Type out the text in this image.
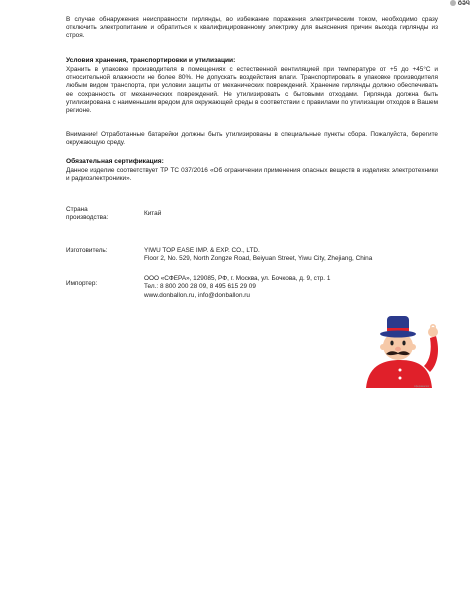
ӧӛӵ
В случае обнаружения неисправности гирлянды, во избежание поражения электрическим током, необходимо сразу отключить электропитание и обратиться к квалифицированному электрику для выяснения причин выхода гирлянды из строя.
Условия хранения, транспортировки и утилизации:
Хранить в упаковке производителя в помещениях с естественной вентиляцией при температуре от +5 до +45°С и относительной влажности не более 80%. Не допускать воздействия влаги. Транспортировать в упаковке производителя любым видом транспорта, при условии защиты от механических повреждений. Хранение гирлянды должно обеспечивать ее сохранность от механических повреждений. Не утилизировать с бытовыми отходами. Гирлянда должна быть утилизирована с наименьшим вредом для окружающей среды в соответствии с правилами по утилизации отходов в Вашем регионе.
Внимание! Отработанные батарейки должны быть утилизированы в специальные пункты сбора. Пожалуйста, берегите окружающую среду.
Обязательная сертификация:
Данное изделие соответствует ТР ТС 037/2016 «Об ограничении применения опасных веществ в изделиях электротехники и радиоэлектроники».
Страна
производства:
Китай
Изготовитель:	YIWU TOP EASE IMP. & EXP. CO., LTD.
Floor 2, No. 529, North Zongze Road, Beiyuan Street, Yiwu City, Zhejiang, China
Импортер:
ООО «СФЕРА», 129085, РФ, г. Москва, ул. Бочкова, д. 9, стр. 1
Тел.: 8 800 200 28 09, 8 495 615 29 09
www.donballon.ru, info@donballon.ru
сферамаскот
